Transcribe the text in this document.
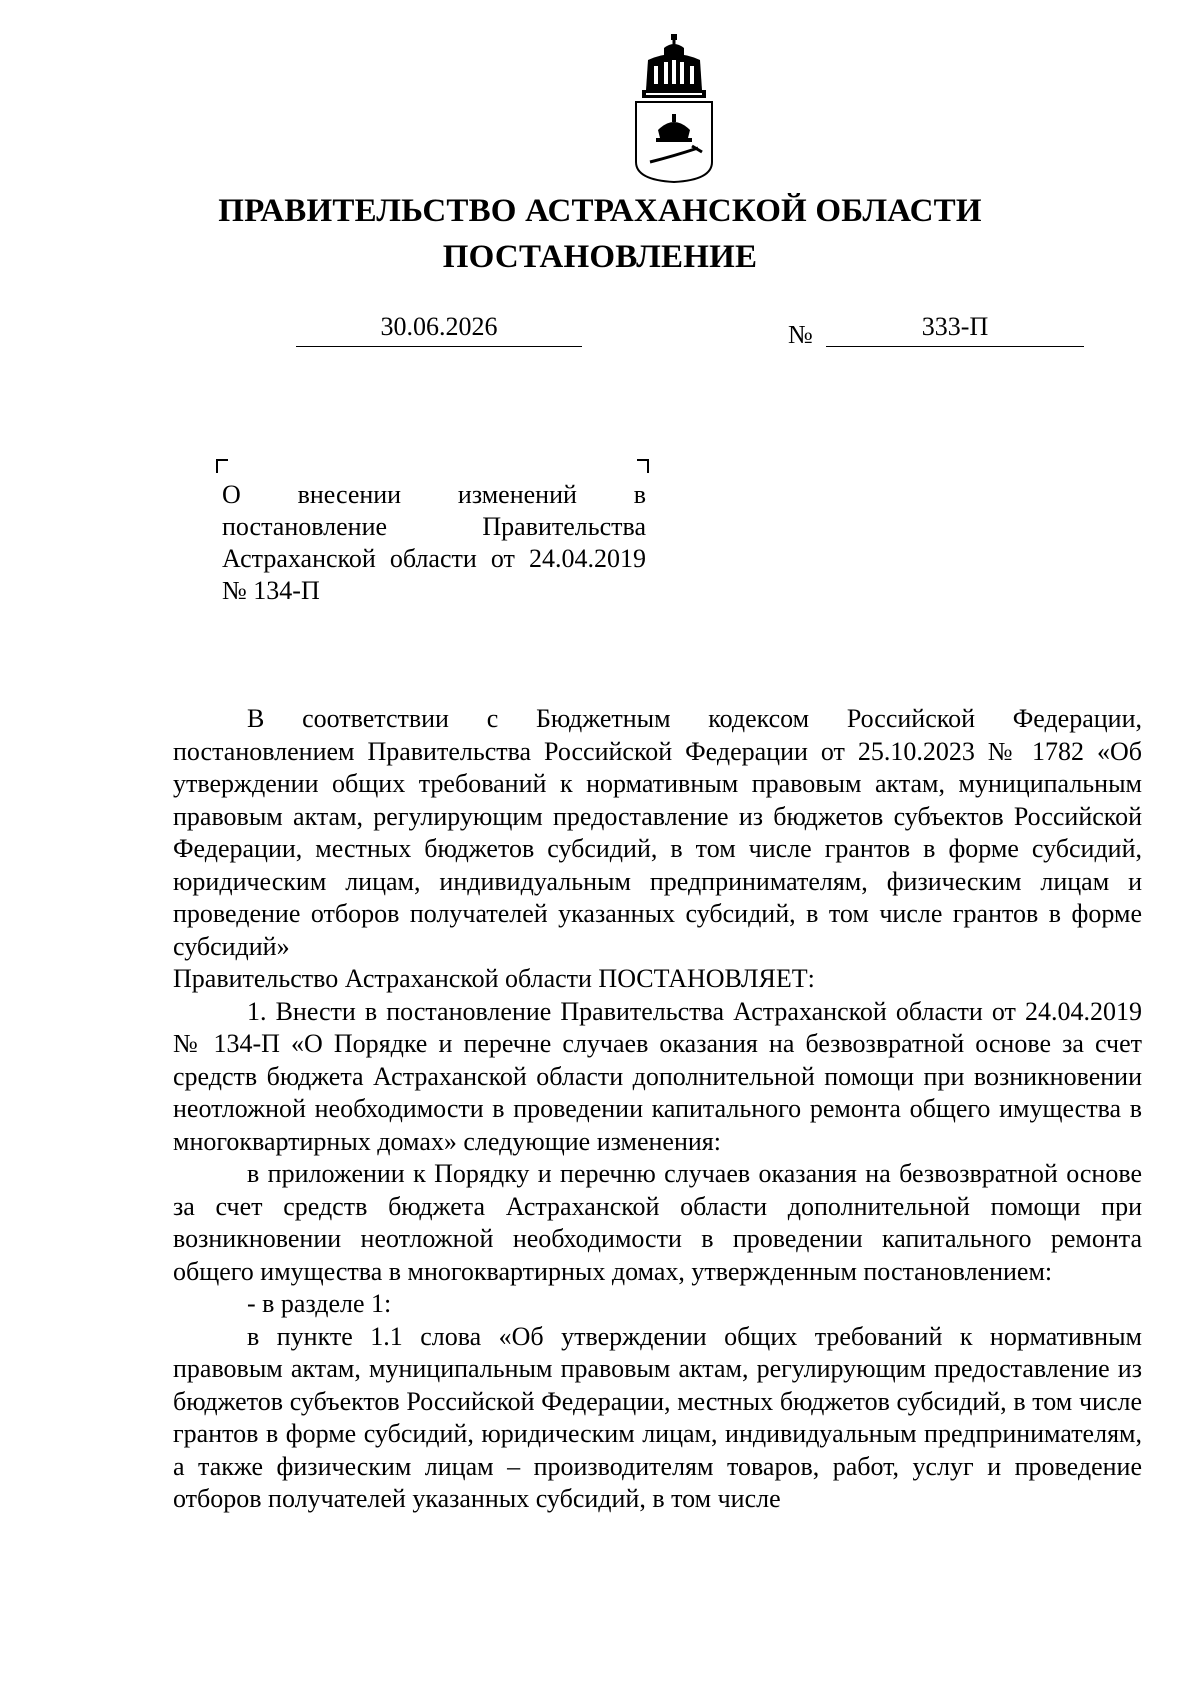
ПРАВИТЕЛЬСТВО АСТРАХАНСКОЙ ОБЛАСТИ
ПОСТАНОВЛЕНИЕ
30.06.2026	№	333-П
О внесении изменений в постановление Правительства Астраханской области от 24.04.2019 № 134-П

В соответствии с Бюджетным кодексом Российской Федерации, постановлением Правительства Российской Федерации от 25.10.2023 № 1782 «Об утверждении общих требований к нормативным правовым актам, муниципальным правовым актам, регулирующим предоставление из бюджетов субъектов Российской Федерации, местных бюджетов субсидий, в том числе грантов в форме субсидий, юридическим лицам, индивидуальным предпринимателям, физическим лицам и проведение отборов получателей указанных субсидий, в том числе грантов в форме субсидий»

Правительство Астраханской области ПОСТАНОВЛЯЕТ:

1. Внести в постановление Правительства Астраханской области от 24.04.2019 № 134-П «О Порядке и перечне случаев оказания на безвозвратной основе за счет средств бюджета Астраханской области дополнительной помощи при возникновении неотложной необходимости в проведении капитального ремонта общего имущества в многоквартирных домах» следующие изменения:

в приложении к Порядку и перечню случаев оказания на безвозвратной основе за счет средств бюджета Астраханской области дополнительной помощи при возникновении неотложной необходимости в проведении капитального ремонта общего имущества в многоквартирных домах, утвержденным постановлением:

- в разделе 1:

в пункте 1.1 слова «Об утверждении общих требований к нормативным правовым актам, муниципальным правовым актам, регулирующим предоставление из бюджетов субъектов Российской Федерации, местных бюджетов субсидий, в том числе грантов в форме субсидий, юридическим лицам, индивидуальным предпринимателям, а также физическим лицам – производителям товаров, работ, услуг и проведение отборов получателей указанных субсидий, в том числе
